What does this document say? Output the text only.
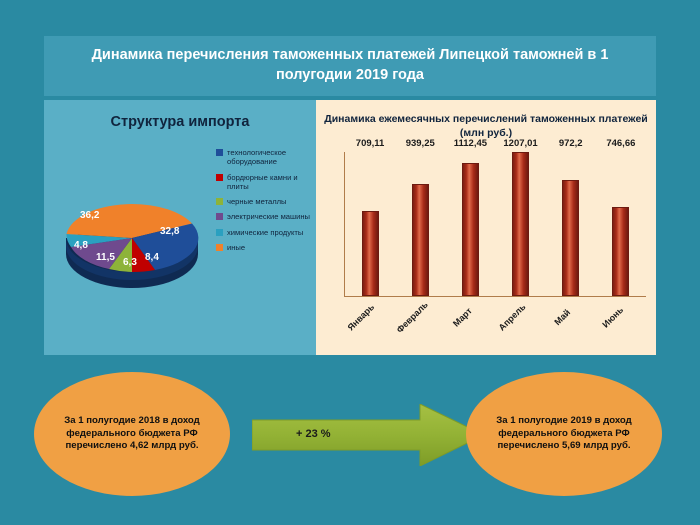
Динамика перечисления таможенных платежей Липецкой таможней в 1 полугодии 2019 года
Структура импорта
32,8
8,4
6,3
11,5
4,8
36,2
технологическое оборудование
бордюрные камни и плиты
черные металлы
электрические машины
химические продукты
иные
Динамика ежемесячных перечислений таможенных платежей (млн руб.)
709,11 939,25 1112,45 1207,01 972,2 746,66
Январь	Февраль	Март	Апрель	Май	Июнь
За 1 полугодие 2018 в доход федерального бюджета РФ перечислено 4,62 млрд руб.
+ 23 %
За 1 полугодие 2019 в доход федерального бюджета РФ перечислено 5,69 млрд руб.
